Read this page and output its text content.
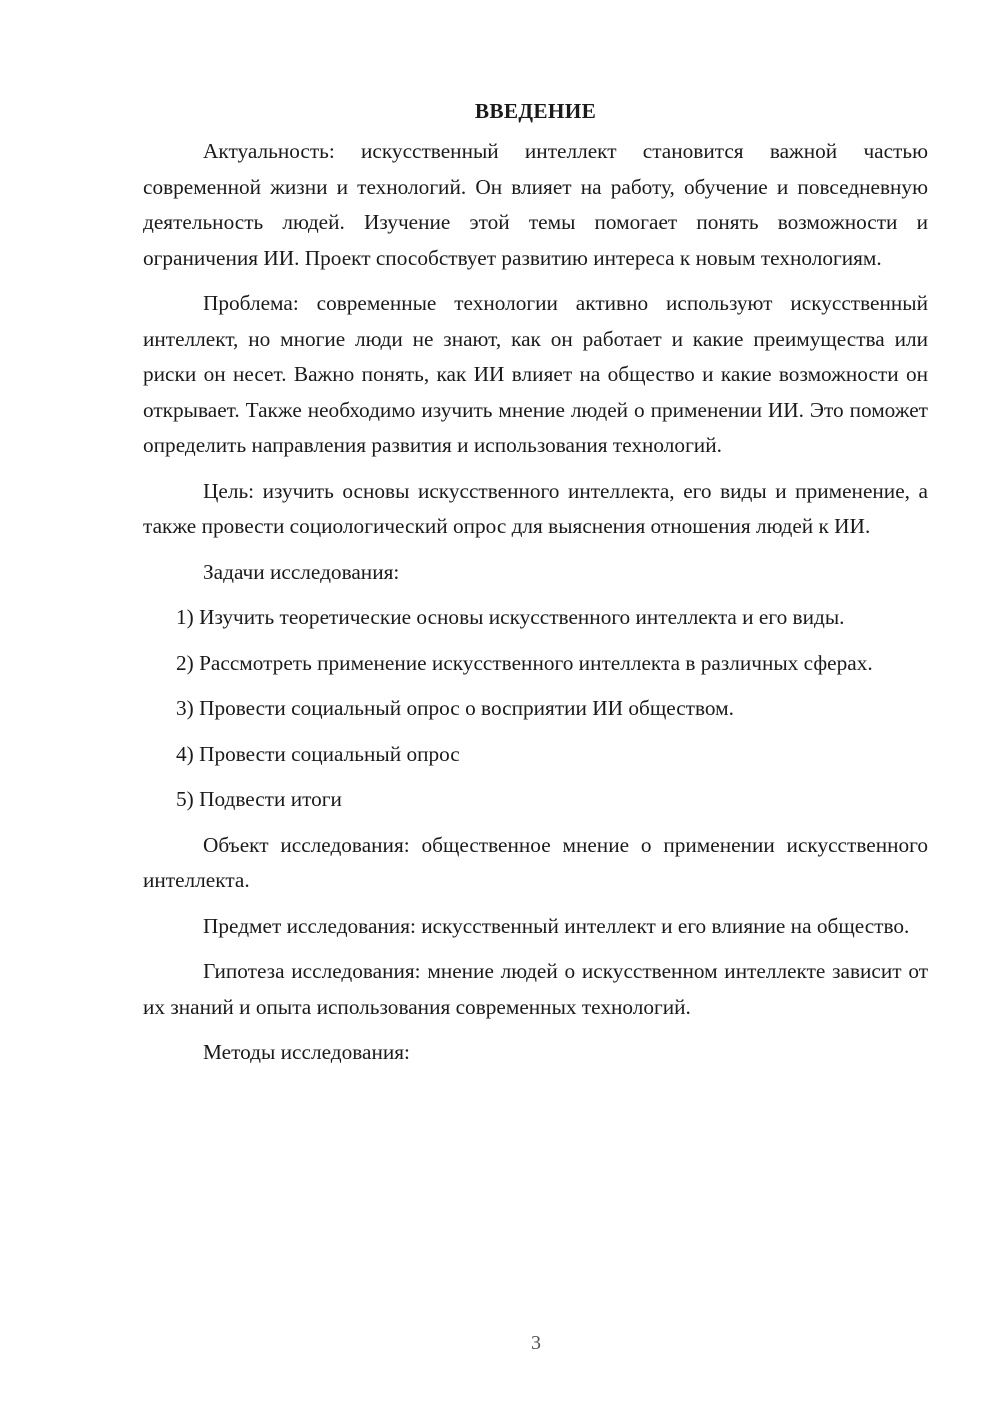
ВВЕДЕНИЕ

Актуальность: искусственный интеллект становится важной частью современной жизни и технологий. Он влияет на работу, обучение и повседневную деятельность людей. Изучение этой темы помогает понять возможности и ограничения ИИ. Проект способствует развитию интереса к новым технологиям.

Проблема: современные технологии активно используют искусственный интеллект, но многие люди не знают, как он работает и какие преимущества или риски он несет. Важно понять, как ИИ влияет на общество и какие возможности он открывает. Также необходимо изучить мнение людей о применении ИИ. Это поможет определить направления развития и использования технологий.

Цель: изучить основы искусственного интеллекта, его виды и применение, а также провести социологический опрос для выяснения отношения людей к ИИ.

Задачи исследования:

1) Изучить теоретические основы искусственного интеллекта и его виды.

2) Рассмотреть применение искусственного интеллекта в различных сферах.

3) Провести социальный опрос о восприятии ИИ обществом.

4) Провести социальный опрос

5) Подвести итоги

Объект исследования: общественное мнение о применении искусственного интеллекта.

Предмет исследования: искусственный интеллект и его влияние на общество.

Гипотеза исследования: мнение людей о искусственном интеллекте зависит от их знаний и опыта использования современных технологий.

Методы исследования:

3
